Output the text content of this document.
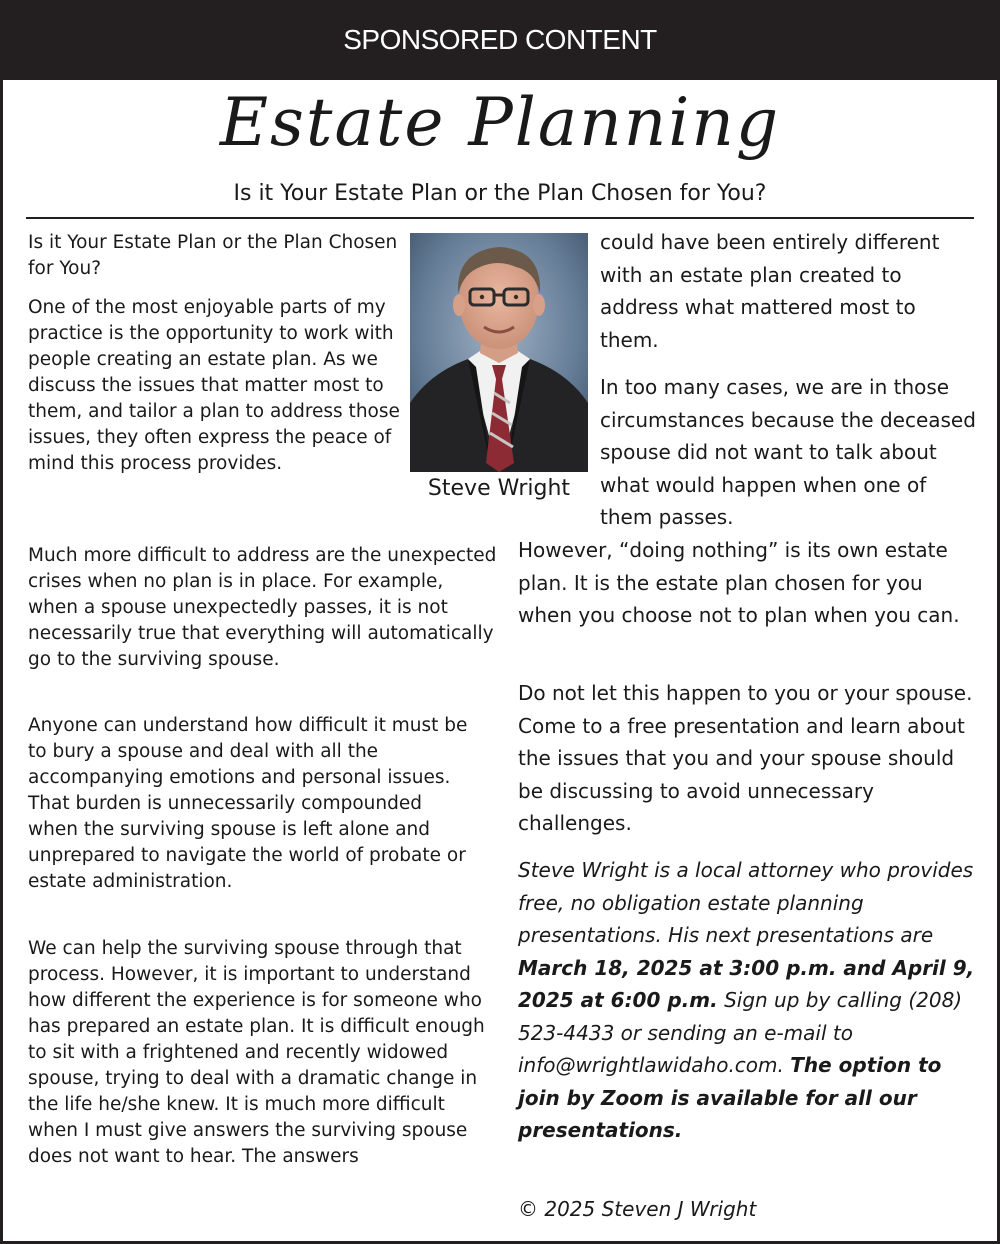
SPONSORED CONTENT
Estate Planning
Is it Your Estate Plan or the Plan Chosen for You?
Is it Your Estate Plan or the Plan Chosen for You?
One of the most enjoyable parts of my practice is the opportunity to work with people creating an estate plan. As we discuss the issues that matter most to them, and tailor a plan to address those issues, they often express the peace of mind this process provides.
Much more difficult to address are the unexpected crises when no plan is in place. For example, when a spouse unexpectedly passes, it is not necessarily true that everything will automatically go to the surviving spouse.
Anyone can understand how difficult it must be to bury a spouse and deal with all the accompanying emotions and personal issues. That burden is unnecessarily compounded when the surviving spouse is left alone and unprepared to navigate the world of probate or estate administration.
We can help the surviving spouse through that process. However, it is important to understand how different the experience is for someone who has prepared an estate plan. It is difficult enough to sit with a frightened and recently widowed spouse, trying to deal with a dramatic change in the life he/she knew. It is much more difficult when I must give answers the surviving spouse does not want to hear. The answers
Steve Wright
could have been entirely different with an estate plan created to address what mattered most to them.
In too many cases, we are in those circumstances because the deceased spouse did not want to talk about what would happen when one of them passes.
However, “doing nothing” is its own estate plan. It is the estate plan chosen for you when you choose not to plan when you can.
Do not let this happen to you or your spouse. Come to a free presentation and learn about the issues that you and your spouse should be discussing to avoid unnecessary challenges.
Steve Wright is a local attorney who provides free, no obligation estate planning presentations. His next presentations are March 18, 2025 at 3:00 p.m. and April 9, 2025 at 6:00 p.m. Sign up by calling (208) 523-4433 or sending an e-mail to info@wrightlawidaho.com. The option to join by Zoom is available for all our presentations.
© 2025 Steven J Wright
